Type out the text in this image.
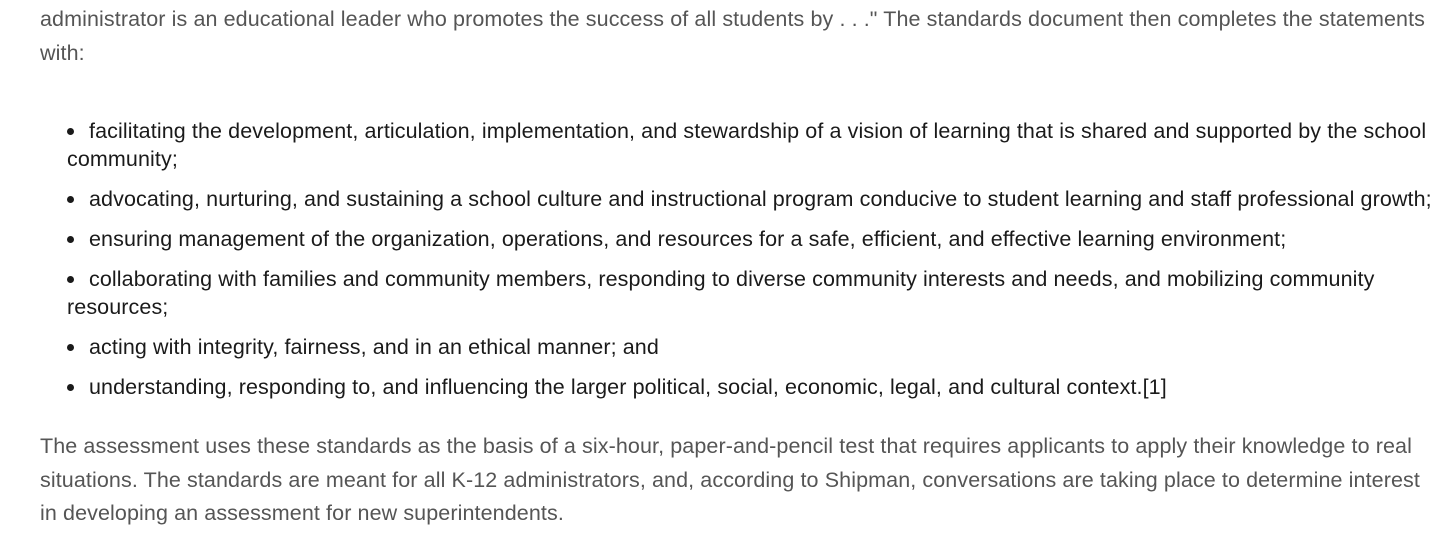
administrator is an educational leader who promotes the success of all students by . . ." The standards document then completes the statements with:

facilitating the development, articulation, implementation, and stewardship of a vision of learning that is shared and supported by the school community;
advocating, nurturing, and sustaining a school culture and instructional program conducive to student learning and staff professional growth;
ensuring management of the organization, operations, and resources for a safe, efficient, and effective learning environment;
collaborating with families and community members, responding to diverse community interests and needs, and mobilizing community resources;
acting with integrity, fairness, and in an ethical manner; and
understanding, responding to, and influencing the larger political, social, economic, legal, and cultural context.[1]

The assessment uses these standards as the basis of a six-hour, paper-and-pencil test that requires applicants to apply their knowledge to real situations. The standards are meant for all K-12 administrators, and, according to Shipman, conversations are taking place to determine interest in developing an assessment for new superintendents.
